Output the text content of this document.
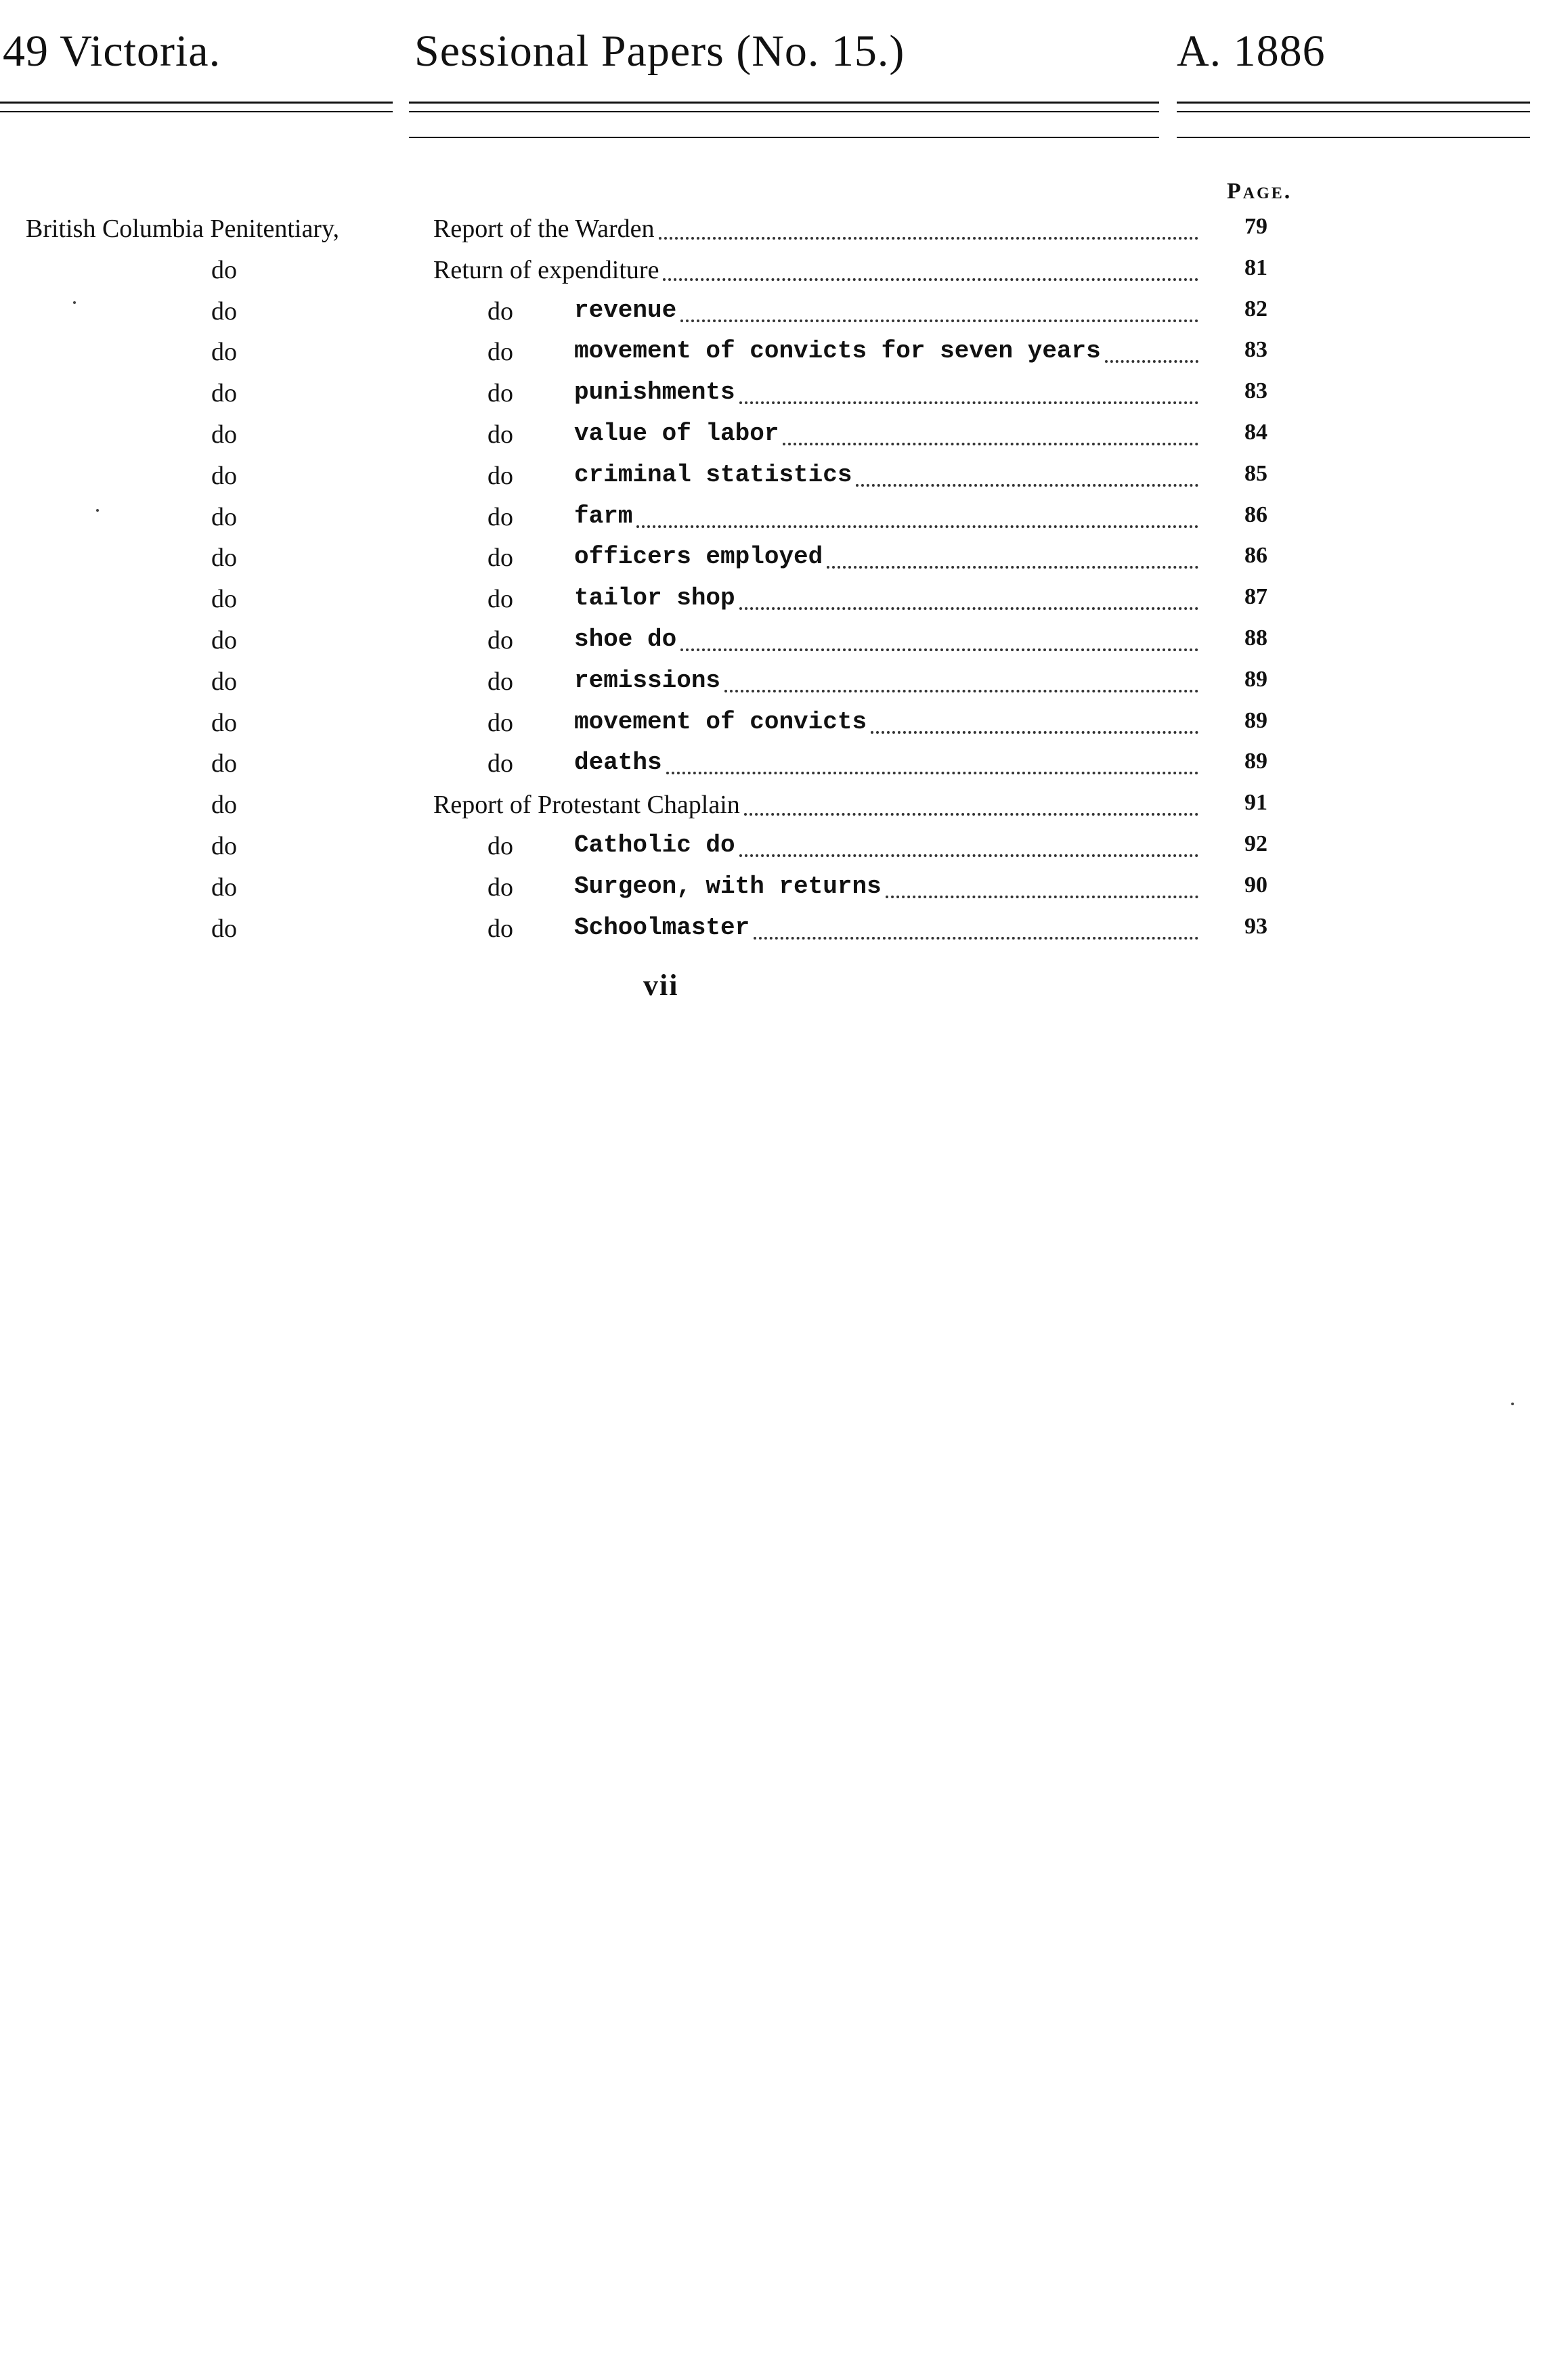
49 Victoria.	Sessional Papers (No. 15.)	A. 1886
Page.
British Columbia Penitentiary,	Report of the Warden	79
do	Return of expenditure	81
do	do	revenue	82
do	do	movement of convicts for seven years	83
do	do	punishments	83
do	do	value of labor	84
do	do	criminal statistics	85
do	do	farm	86
do	do	officers employed	86
do	do	tailor shop	87
do	do	shoe do	88
do	do	remissions	89
do	do	movement of convicts	89
do	do	deaths	89
do	Report of Protestant Chaplain	91
do	do	Catholic do	92
do	do	Surgeon, with returns	90
do	do	Schoolmaster	93
vii
